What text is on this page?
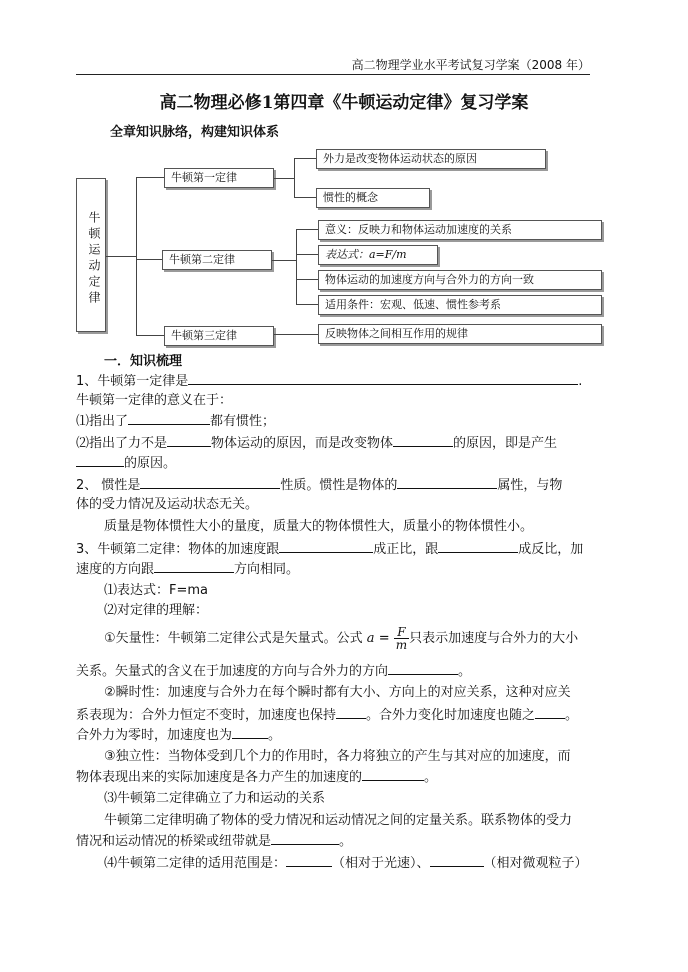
高二物理学业水平考试复习学案（2008 年）
高二物理必修1第四章《牛顿运动定律》复习学案
全章知识脉络，构建知识体系
牛顿运动定律
牛顿第一定律
牛顿第二定律
牛顿第三定律
外力是改变物体运动状态的原因
惯性的概念
意义：反映力和物体运动加速度的关系
表达式：a=F/m
物体运动的加速度方向与合外力的方向一致
适用条件：宏观、低速、惯性参考系
反映物体之间相互作用的规律
一．知识梳理
1、牛顿第一定律是	.
牛顿第一定律的意义在于：
⑴指出了	都有惯性；
⑵指出了力不是	物体运动的原因，而是改变物体	的原因，即是产生
的原因。
2、 惯性是	性质。惯性是物体的	属性，与物
体的受力情况及运动状态无关。
质量是物体惯性大小的量度，质量大的物体惯性大，质量小的物体惯性小。
3、牛顿第二定律：物体的加速度跟	成正比，跟	成反比，加
速度的方向跟	方向相同。
⑴表达式：F=ma
⑵对定律的理解：
①矢量性：牛顿第二定律公式是矢量式。公式 $a = \frac{F}{m}$ 只表示加速度与合外力的大小
关系。矢量式的含义在于加速度的方向与合外力的方向	。
②瞬时性：加速度与合外力在每个瞬时都有大小、方向上的对应关系，这种对应关
系表现为：合外力恒定不变时，加速度也保持 。合外力变化时加速度也随之 。
合外力为零时，加速度也为	。
③独立性：当物体受到几个力的作用时，各力将独立的产生与其对应的加速度，而
物体表现出来的实际加速度是各力产生的加速度的	。
⑶牛顿第二定律确立了力和运动的关系
牛顿第二定律明确了物体的受力情况和运动情况之间的定量关系。联系物体的受力
情况和运动情况的桥梁或纽带就是	。
⑷牛顿第二定律的适用范围是：	（相对于光速）、	（相对微观粒子）
